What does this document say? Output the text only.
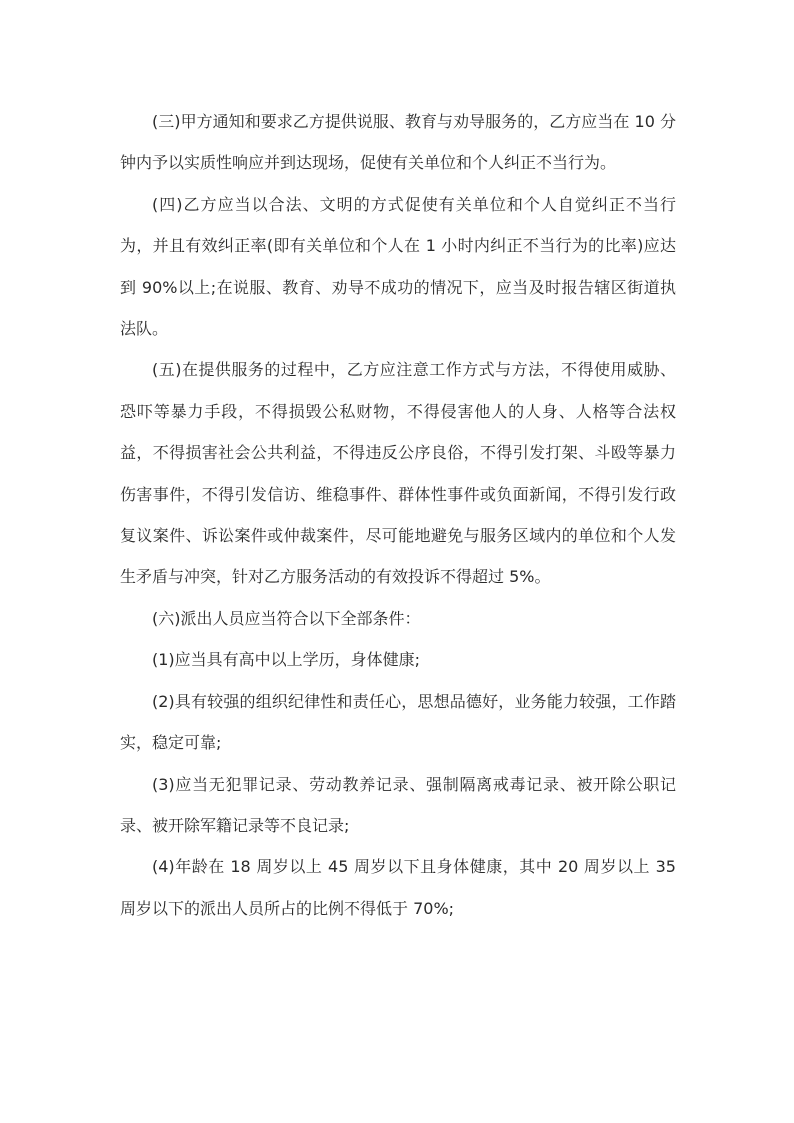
(三)甲方通知和要求乙方提供说服、教育与劝导服务的，乙方应当在 10 分钟内予以实质性响应并到达现场，促使有关单位和个人纠正不当行为。

(四)乙方应当以合法、文明的方式促使有关单位和个人自觉纠正不当行为，并且有效纠正率(即有关单位和个人在 1 小时内纠正不当行为的比率)应达到 90%以上;在说服、教育、劝导不成功的情况下，应当及时报告辖区街道执法队。

(五)在提供服务的过程中，乙方应注意工作方式与方法，不得使用威胁、恐吓等暴力手段，不得损毁公私财物，不得侵害他人的人身、人格等合法权益，不得损害社会公共利益，不得违反公序良俗，不得引发打架、斗殴等暴力伤害事件，不得引发信访、维稳事件、群体性事件或负面新闻，不得引发行政复议案件、诉讼案件或仲裁案件，尽可能地避免与服务区域内的单位和个人发生矛盾与冲突，针对乙方服务活动的有效投诉不得超过 5%。

(六)派出人员应当符合以下全部条件：

(1)应当具有高中以上学历，身体健康;

(2)具有较强的组织纪律性和责任心，思想品德好，业务能力较强，工作踏实，稳定可靠;

(3)应当无犯罪记录、劳动教养记录、强制隔离戒毒记录、被开除公职记录、被开除军籍记录等不良记录;

(4)年龄在 18 周岁以上 45 周岁以下且身体健康，其中 20 周岁以上 35 周岁以下的派出人员所占的比例不得低于 70%;
